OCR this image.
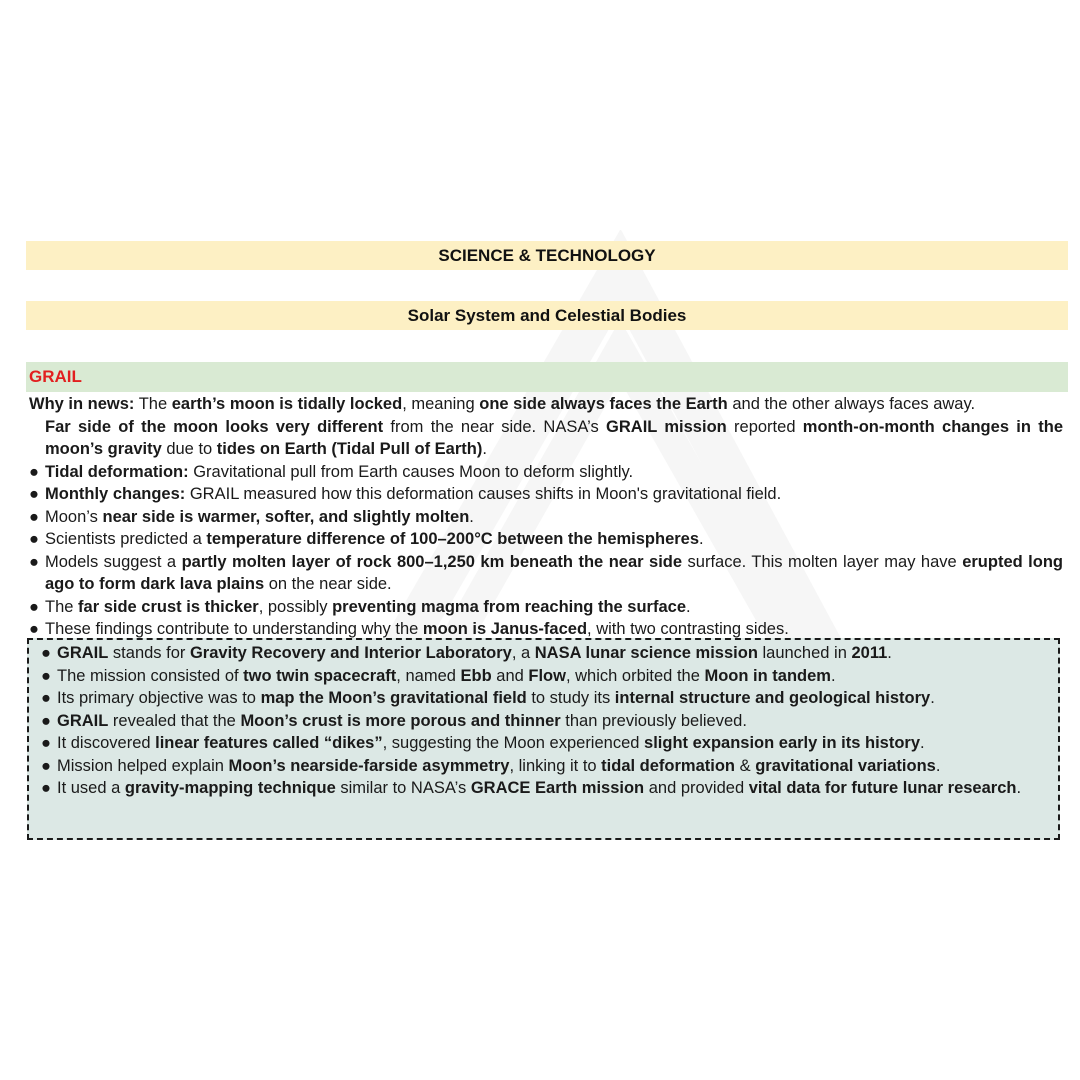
SCIENCE & TECHNOLOGY
Solar System and Celestial Bodies
GRAIL
Why in news: The earth’s moon is tidally locked, meaning one side always faces the Earth and the other always faces away.
Far side of the moon looks very different from the near side. NASA’s GRAIL mission reported month-on-month changes in the moon’s gravity due to tides on Earth (Tidal Pull of Earth).
● Tidal deformation: Gravitational pull from Earth causes Moon to deform slightly.
● Monthly changes: GRAIL measured how this deformation causes shifts in Moon's gravitational field.
● Moon’s near side is warmer, softer, and slightly molten.
● Scientists predicted a temperature difference of 100–200°C between the hemispheres.
● Models suggest a partly molten layer of rock 800–1,250 km beneath the near side surface. This molten layer may have erupted long ago to form dark lava plains on the near side.
● The far side crust is thicker, possibly preventing magma from reaching the surface.
● These findings contribute to understanding why the moon is Janus-faced, with two contrasting sides.
● GRAIL stands for Gravity Recovery and Interior Laboratory, a NASA lunar science mission launched in 2011.
● The mission consisted of two twin spacecraft, named Ebb and Flow, which orbited the Moon in tandem.
● Its primary objective was to map the Moon’s gravitational field to study its internal structure and geological history.
● GRAIL revealed that the Moon’s crust is more porous and thinner than previously believed.
● It discovered linear features called “dikes”, suggesting the Moon experienced slight expansion early in its history.
● Mission helped explain Moon’s nearside-farside asymmetry, linking it to tidal deformation & gravitational variations.
● It used a gravity-mapping technique similar to NASA’s GRACE Earth mission and provided vital data for future lunar research.
